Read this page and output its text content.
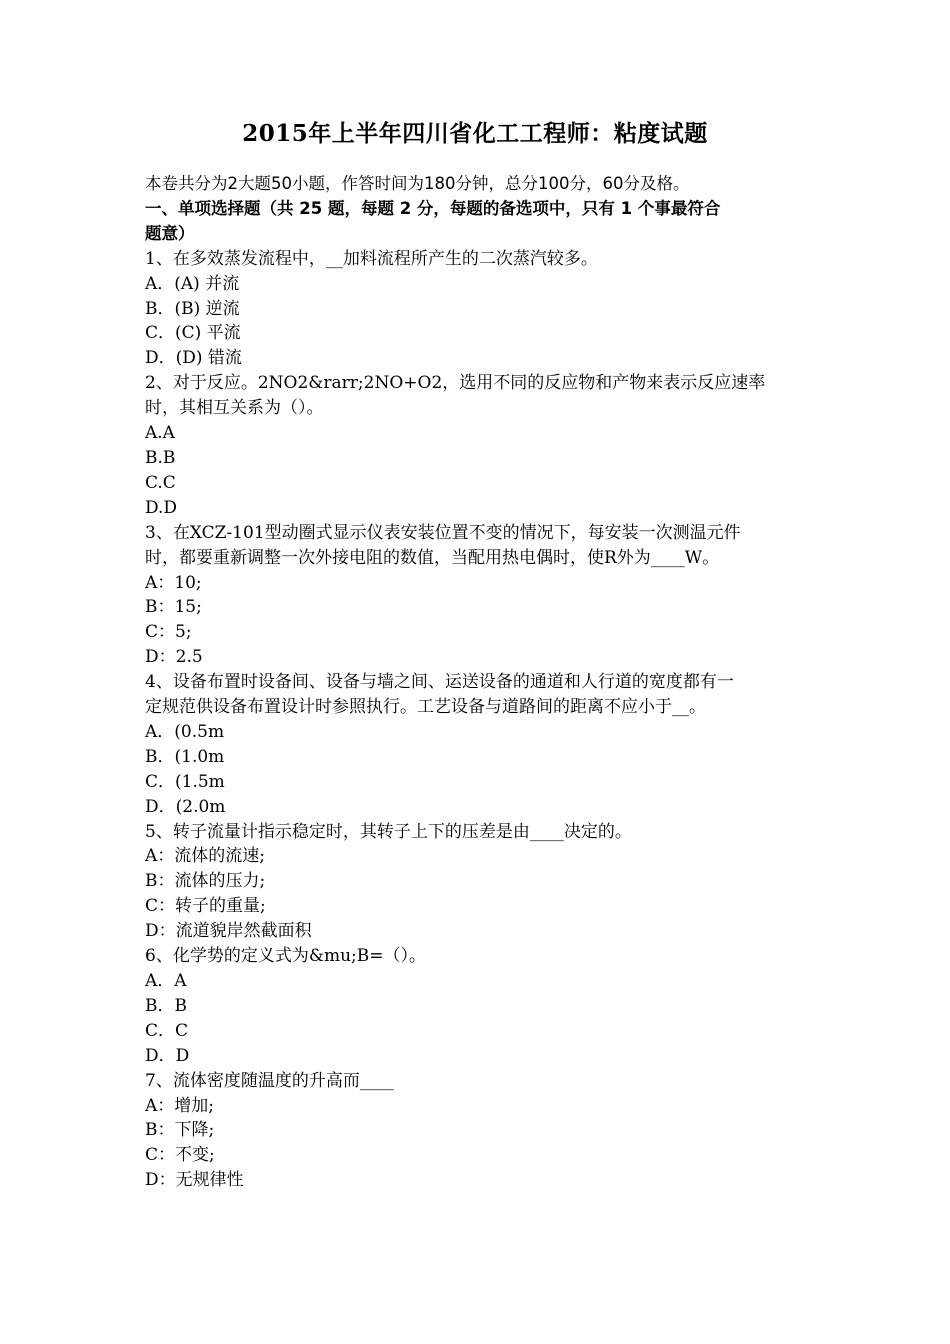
2015年上半年四川省化工工程师：粘度试题
本卷共分为2大题50小题，作答时间为180分钟，总分100分，60分及格。
一、单项选择题（共 25 题，每题 2 分，每题的备选项中，只有 1 个事最符合
题意）
1、在多效蒸发流程中，__加料流程所产生的二次蒸汽较多。
A．(A) 并流
B．(B) 逆流
C．(C) 平流
D．(D) 错流
2、对于反应。2NO2&rarr;2NO+O2，选用不同的反应物和产物来表示反应速率
时，其相互关系为（）。
A.A
B.B
C.C
D.D
3、在XCZ-101型动圈式显示仪表安装位置不变的情况下，每安装一次测温元件
时，都要重新调整一次外接电阻的数值，当配用热电偶时，使R外为____W。
A：10;
B：15;
C：5;
D：2.5
4、设备布置时设备间、设备与墙之间、运送设备的通道和人行道的宽度都有一
定规范供设备布置设计时参照执行。工艺设备与道路间的距离不应小于__。
A．(0.5m
B．(1.0m
C．(1.5m
D．(2.0m
5、转子流量计指示稳定时，其转子上下的压差是由____决定的。
A：流体的流速;
B：流体的压力;
C：转子的重量;
D：流道貌岸然截面积
6、化学势的定义式为&mu;B=（）。
A．A
B．B
C．C
D．D
7、流体密度随温度的升高而____
A：增加;
B：下降;
C：不变;
D：无规律性
